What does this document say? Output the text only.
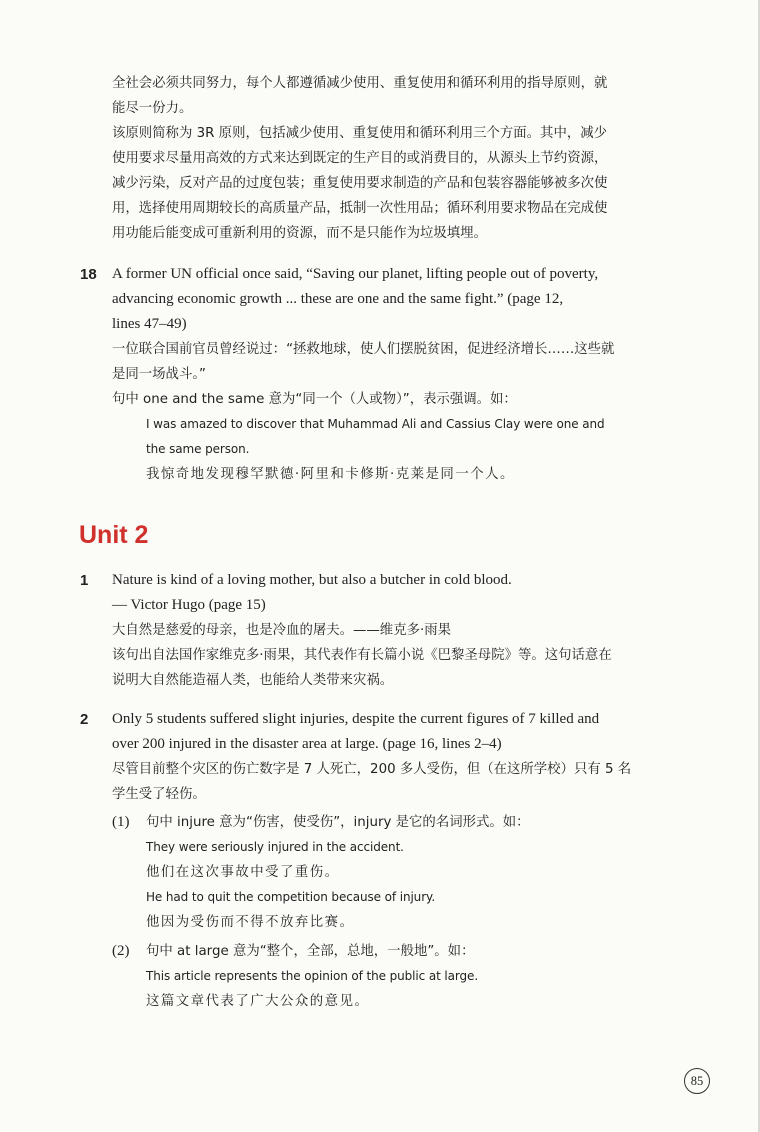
全社会必须共同努力，每个人都遵循减少使用、重复使用和循环利用的指导原则，就

能尽一份力。

该原则简称为 3R 原则，包括减少使用、重复使用和循环利用三个方面。其中，减少

使用要求尽量用高效的方式来达到既定的生产目的或消费目的，从源头上节约资源，

减少污染，反对产品的过度包装；重复使用要求制造的产品和包装容器能够被多次使

用，选择使用周期较长的高质量产品，抵制一次性用品；循环利用要求物品在完成使

用功能后能变成可重新利用的资源，而不是只能作为垃圾填埋。

18 A former UN official once said, “Saving our planet, lifting people out of poverty,

advancing economic growth ... these are one and the same fight.” (page 12,

lines 47–49)

一位联合国前官员曾经说过：“拯救地球，使人们摆脱贫困，促进经济增长……这些就

是同一场战斗。”

句中 one and the same 意为“同一个（人或物）”，表示强调。如：

I was amazed to discover that Muhammad Ali and Cassius Clay were one and

the same person.

我惊奇地发现穆罕默德·阿里和卡修斯·克莱是同一个人。

Unit 2
1 Nature is kind of a loving mother, but also a butcher in cold blood.

— Victor Hugo (page 15)

大自然是慈爱的母亲，也是冷血的屠夫。——维克多·雨果

该句出自法国作家维克多·雨果，其代表作有长篇小说《巴黎圣母院》等。这句话意在

说明大自然能造福人类，也能给人类带来灾祸。

2 Only 5 students suffered slight injuries, despite the current figures of 7 killed and

over 200 injured in the disaster area at large. (page 16, lines 2–4)

尽管目前整个灾区的伤亡数字是 7 人死亡，200 多人受伤，但（在这所学校）只有 5 名

学生受了轻伤。

(1) 句中 injure 意为“伤害，使受伤”，injury 是它的名词形式。如：

They were seriously injured in the accident.

他们在这次事故中受了重伤。

He had to quit the competition because of injury.

他因为受伤而不得不放弃比赛。

(2) 句中 at large 意为“整个，全部，总地，一般地”。如：

This article represents the opinion of the public at large.

这篇文章代表了广大公众的意见。

85
